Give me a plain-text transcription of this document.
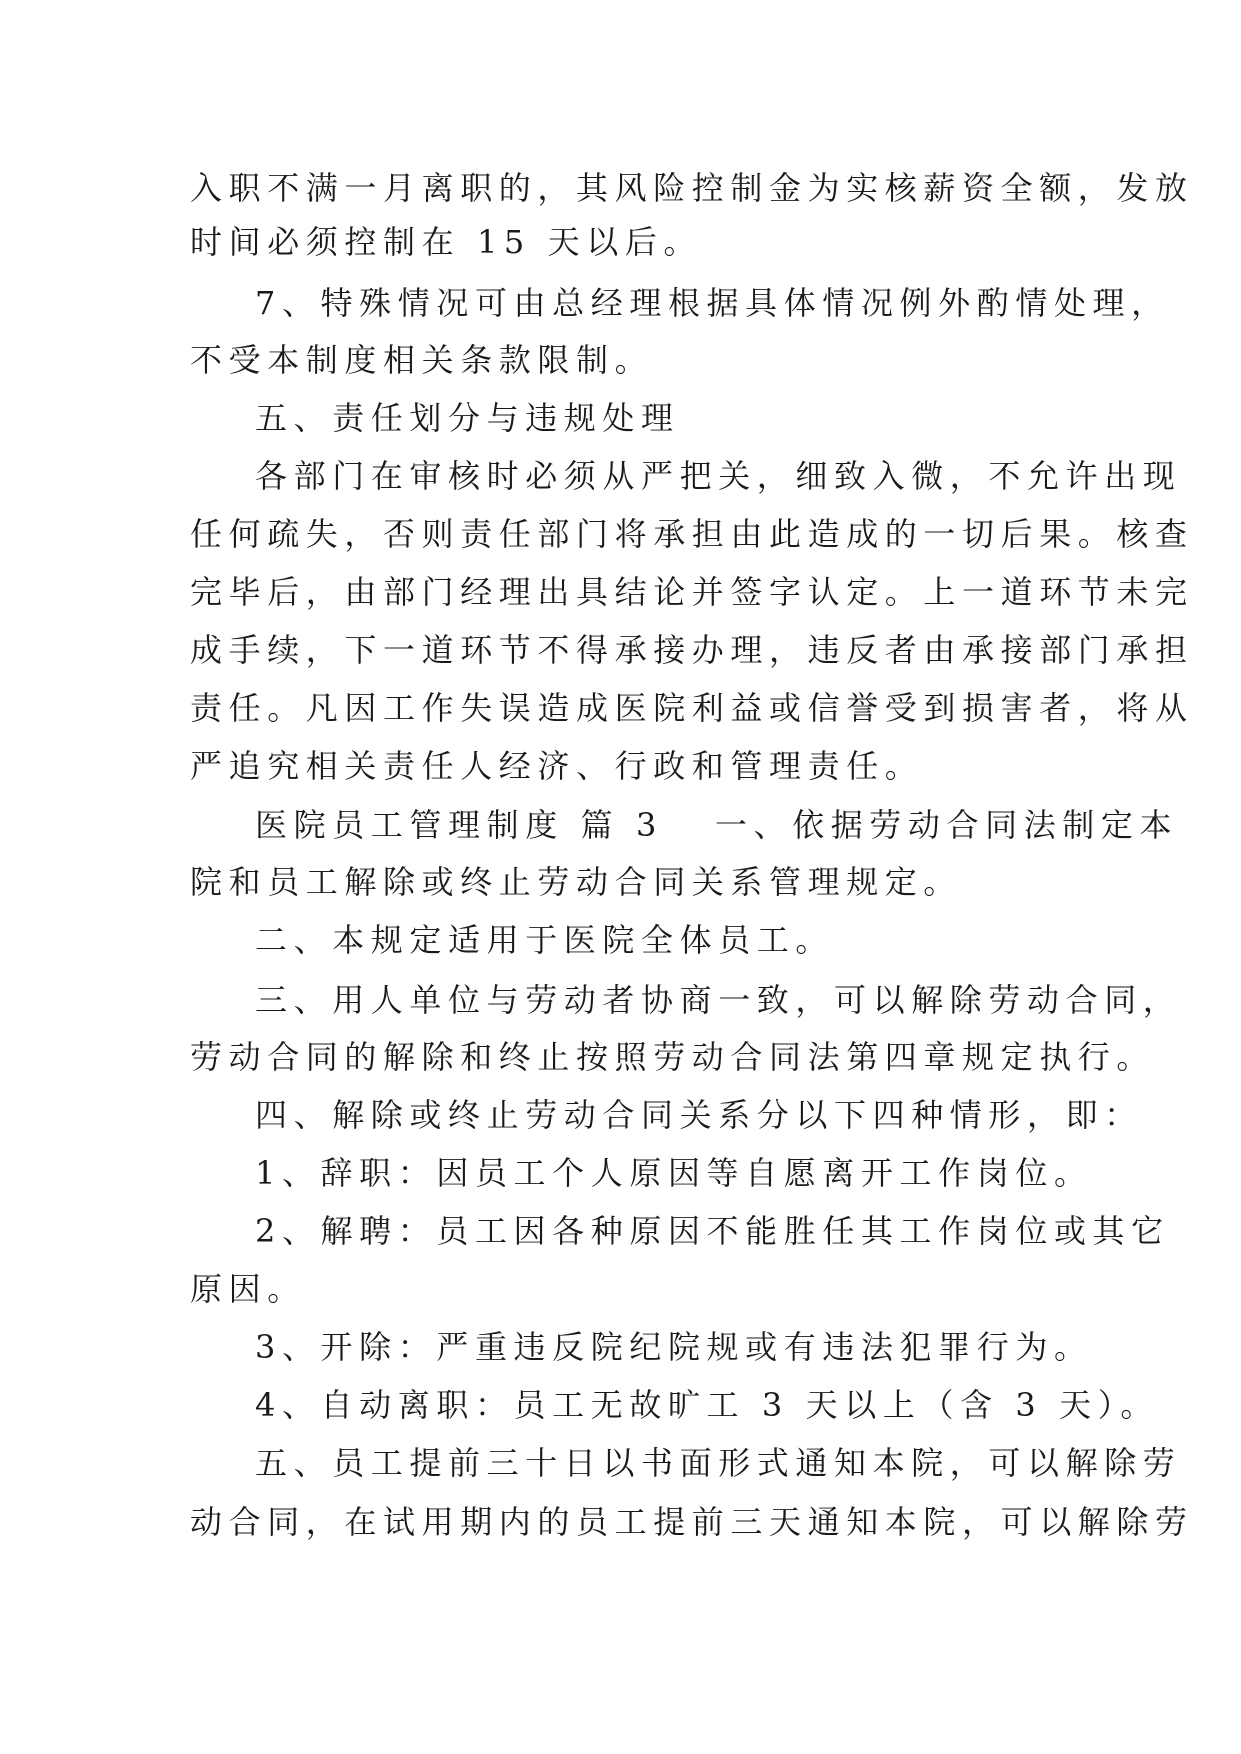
入职不满一月离职的，其风险控制金为实核薪资全额，发放
时间必须控制在 15 天以后。
7、特殊情况可由总经理根据具体情况例外酌情处理，
不受本制度相关条款限制。
五、责任划分与违规处理
各部门在审核时必须从严把关，细致入微，不允许出现
任何疏失，否则责任部门将承担由此造成的一切后果。核查
完毕后，由部门经理出具结论并签字认定。上一道环节未完
成手续，下一道环节不得承接办理，违反者由承接部门承担
责任。凡因工作失误造成医院利益或信誉受到损害者，将从
严追究相关责任人经济、行政和管理责任。
医院员工管理制度 篇 3 一、依据劳动合同法制定本
院和员工解除或终止劳动合同关系管理规定。
二、本规定适用于医院全体员工。
三、用人单位与劳动者协商一致，可以解除劳动合同，
劳动合同的解除和终止按照劳动合同法第四章规定执行。
四、解除或终止劳动合同关系分以下四种情形，即：
1、辞职：因员工个人原因等自愿离开工作岗位。
2、解聘：员工因各种原因不能胜任其工作岗位或其它
原因。
3、开除：严重违反院纪院规或有违法犯罪行为。
4、自动离职：员工无故旷工 3 天以上（含 3 天）。
五、员工提前三十日以书面形式通知本院，可以解除劳
动合同，在试用期内的员工提前三天通知本院，可以解除劳
